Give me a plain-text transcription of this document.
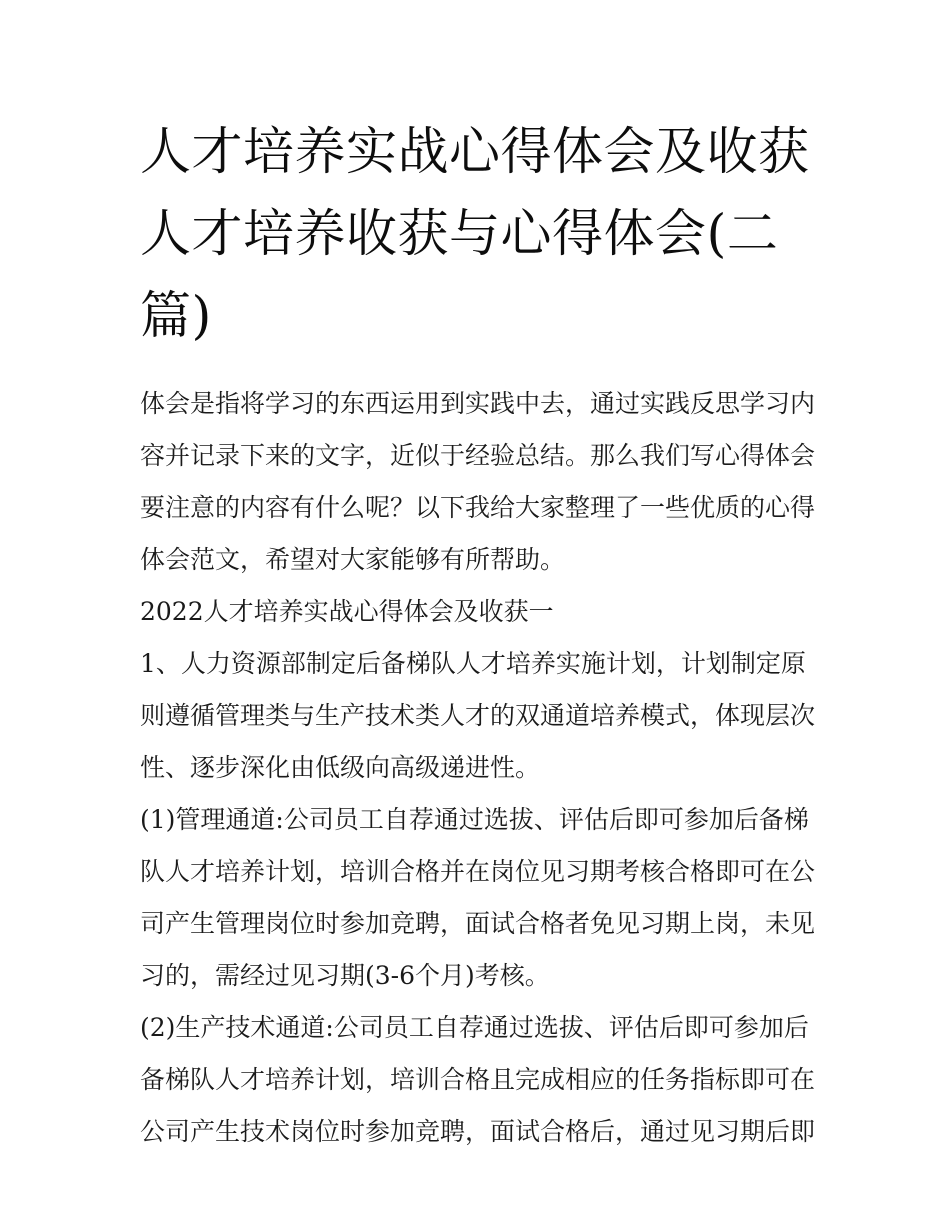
人才培养实战心得体会及收获 人才培养收获与心得体会(二篇)

体会是指将学习的东西运用到实践中去，通过实践反思学习内容并记录下来的文字，近似于经验总结。那么我们写心得体会要注意的内容有什么呢？以下我给大家整理了一些优质的心得体会范文，希望对大家能够有所帮助。

2022人才培养实战心得体会及收获一

1、人力资源部制定后备梯队人才培养实施计划，计划制定原则遵循管理类与生产技术类人才的双通道培养模式，体现层次性、逐步深化由低级向高级递进性。

(1)管理通道:公司员工自荐通过选拔、评估后即可参加后备梯队人才培养计划，培训合格并在岗位见习期考核合格即可在公司产生管理岗位时参加竞聘，面试合格者免见习期上岗，未见习的，需经过见习期(3-6个月)考核。

(2)生产技术通道:公司员工自荐通过选拔、评估后即可参加后备梯队人才培养计划，培训合格且完成相应的任务指标即可在公司产生技术岗位时参加竞聘，面试合格后，通过见习期后即
